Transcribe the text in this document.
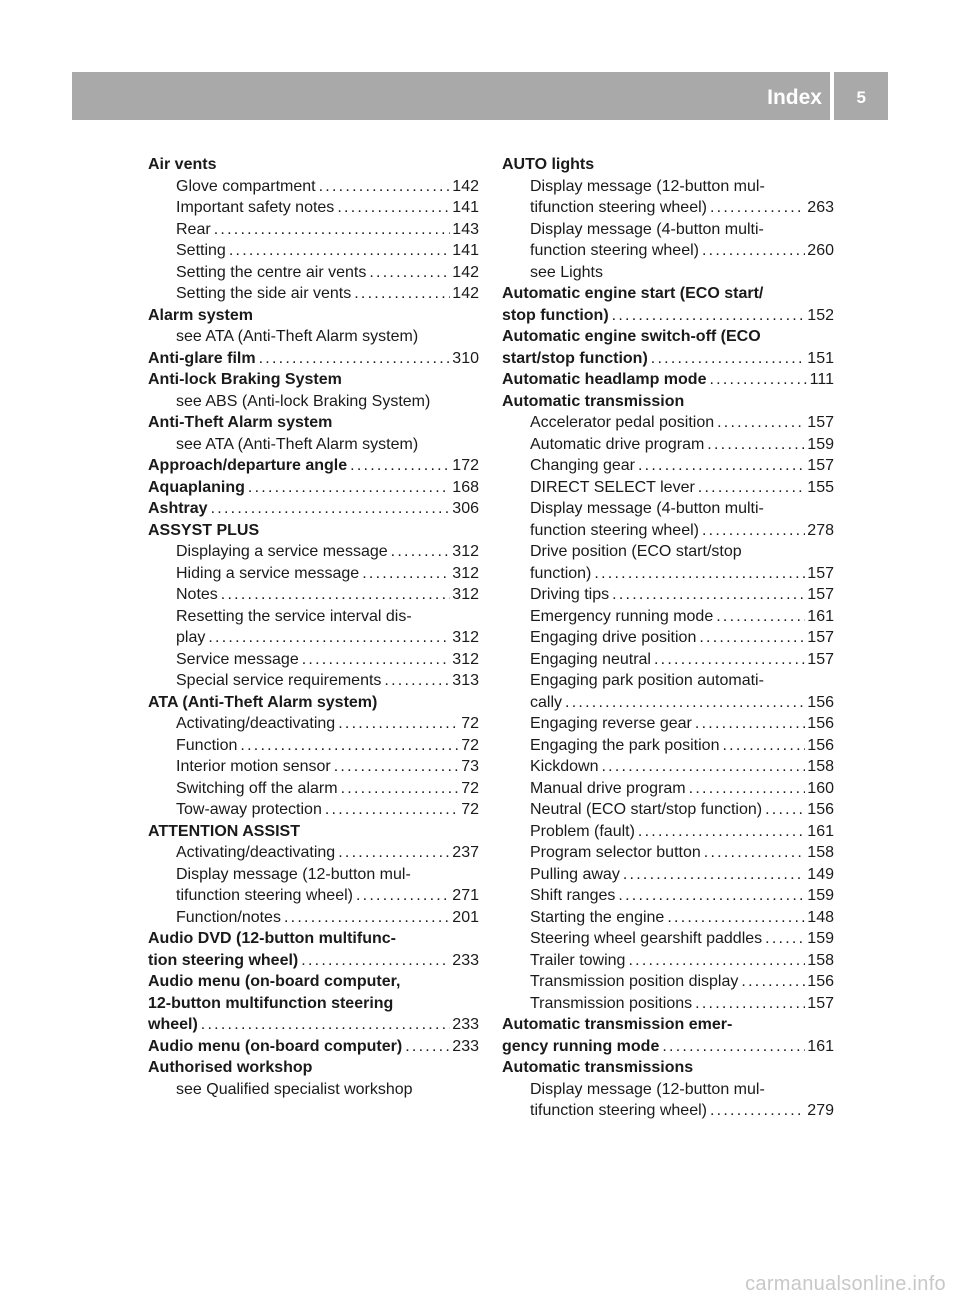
Index 5
Air vents
Glove compartment . . .	142
Important safety notes . . .	141
Rear . . .	143
Setting . . .	141
Setting the centre air vents . . .	142
Setting the side air vents . . .	142
Alarm system
see ATA (Anti-Theft Alarm system)
Anti-glare film . . .	310
Anti-lock Braking System
see ABS (Anti-lock Braking System)
Anti-Theft Alarm system
see ATA (Anti-Theft Alarm system)
Approach/departure angle . . .	172
Aquaplaning . . .	168
Ashtray . . .	306
ASSYST PLUS
Displaying a service message . . .	312
Hiding a service message . . .	312
Notes . . .	312
Resetting the service interval dis-
play . . .	312
Service message . . .	312
Special service requirements . . .	313
ATA (Anti-Theft Alarm system)
Activating/deactivating . . .	72
Function . . .	72
Interior motion sensor . . .	73
Switching off the alarm . . .	72
Tow-away protection . . .	72
ATTENTION ASSIST
Activating/deactivating . . .	237
Display message (12-button mul-
tifunction steering wheel) . . .	271
Function/notes . . .	201
Audio DVD (12-button multifunc-
tion steering wheel) . . .	233
Audio menu (on-board computer,
12-button multifunction steering
wheel) . . .	233
Audio menu (on-board computer) . . .	233
Authorised workshop
see Qualified specialist workshop
AUTO lights
Display message (12-button mul-
tifunction steering wheel) . . .	263
Display message (4-button multi-
function steering wheel) . . .	260
see Lights
Automatic engine start (ECO start/
stop function) . . .	152
Automatic engine switch-off (ECO
start/stop function) . . .	151
Automatic headlamp mode . . .	111
Automatic transmission
Accelerator pedal position . . .	157
Automatic drive program . . .	159
Changing gear . . .	157
DIRECT SELECT lever . . .	155
Display message (4-button multi-
function steering wheel) . . .	278
Drive position (ECO start/stop
function) . . .	157
Driving tips . . .	157
Emergency running mode . . .	161
Engaging drive position . . .	157
Engaging neutral . . .	157
Engaging park position automati-
cally . . .	156
Engaging reverse gear . . .	156
Engaging the park position . . .	156
Kickdown . . .	158
Manual drive program . . .	160
Neutral (ECO start/stop function) . . .	156
Problem (fault) . . .	161
Program selector button . . .	158
Pulling away . . .	149
Shift ranges . . .	159
Starting the engine . . .	148
Steering wheel gearshift paddles . . .	159
Trailer towing . . .	158
Transmission position display . . .	156
Transmission positions . . .	157
Automatic transmission emer-
gency running mode . . .	161
Automatic transmissions
Display message (12-button mul-
tifunction steering wheel) . . .	279
carmanualsonline.info
